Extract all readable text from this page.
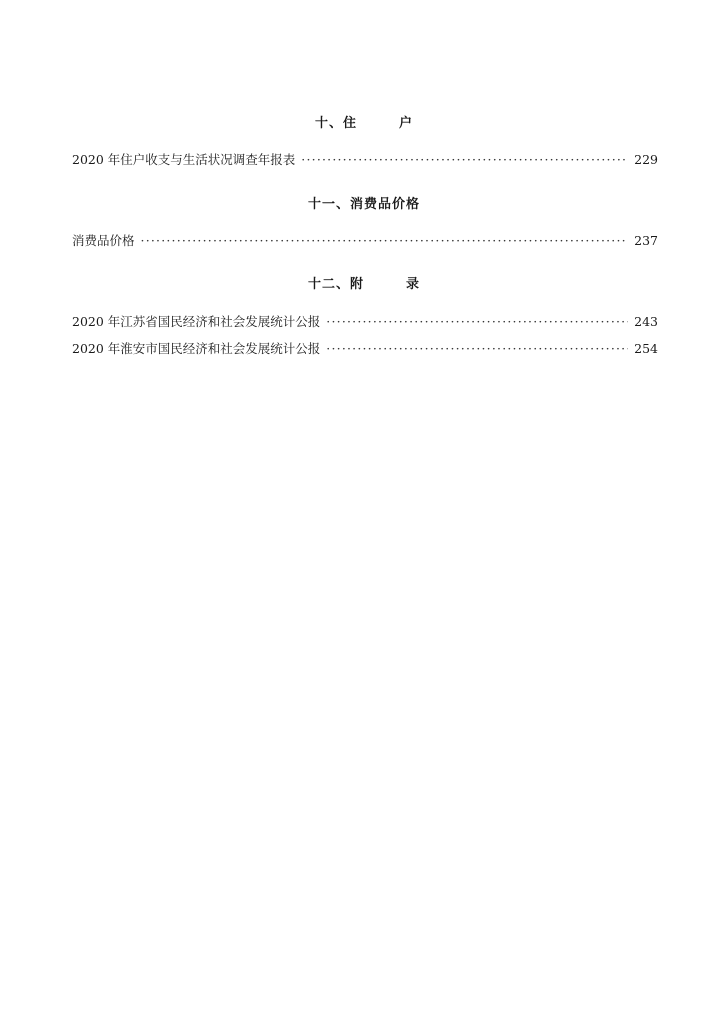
十、住　　　户
2020 年住户收支与生活状况调查年报表 ·····	229
十一、消费品价格
消费品价格 ·····	237
十二、附　　　录
2020 年江苏省国民经济和社会发展统计公报 ·····	243
2020 年淮安市国民经济和社会发展统计公报 ·····	254
